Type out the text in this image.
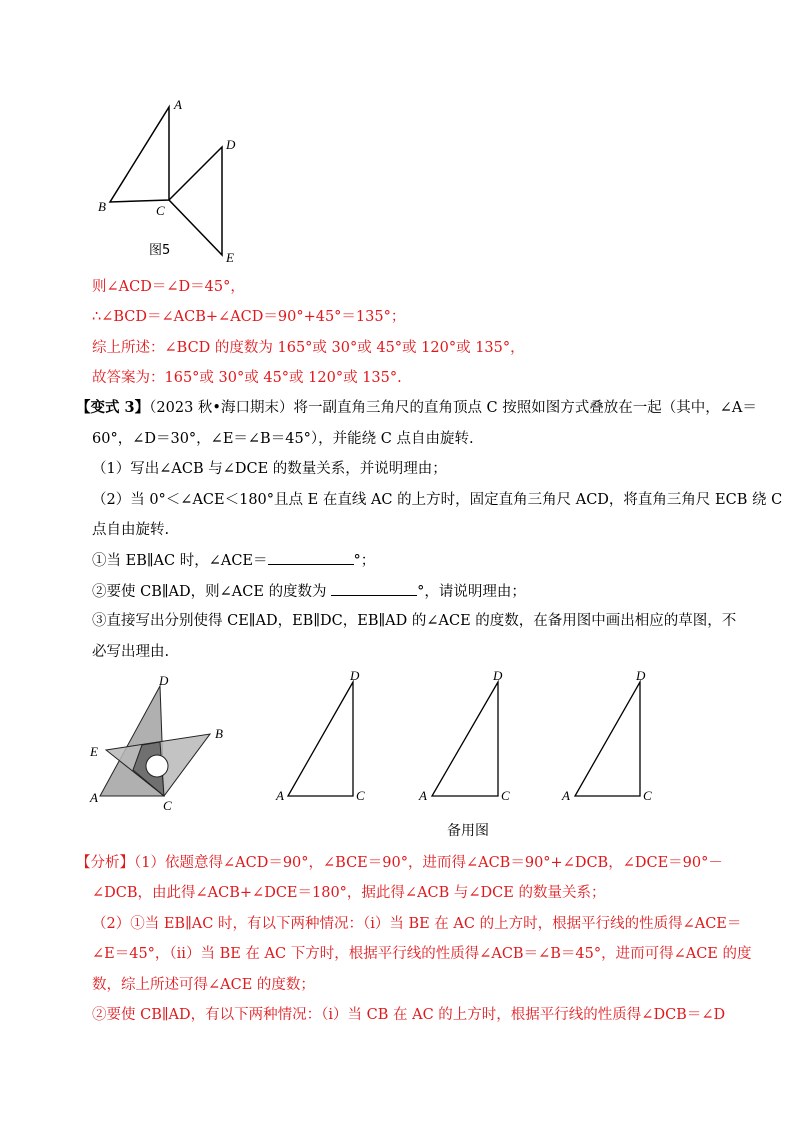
A
B	C
D
E
图5
则∠ACD＝∠D＝45°，
∴∠BCD＝∠ACB+∠ACD＝90°+45°＝135°；
综上所述：∠BCD 的度数为 165°或 30°或 45°或 120°或 135°，
故答案为：165°或 30°或 45°或 120°或 135°.
【变式 3】（2023 秋•海口期末）将一副直角三角尺的直角顶点 C 按照如图方式叠放在一起（其中，∠A＝
60°，∠D＝30°，∠E＝∠B＝45°），并能绕 C 点自由旋转.
（1）写出∠ACB 与∠DCE 的数量关系，并说明理由；
（2）当 0°＜∠ACE＜180°且点 E 在直线 AC 的上方时，固定直角三角尺 ACD，将直角三角尺 ECB 绕 C
点自由旋转.
①当 EB∥AC 时，∠ACE＝	°；
②要使 CB∥AD，则∠ACE 的度数为	°，请说明理由；
③直接写出分别使得 CE∥AD，EB∥DC，EB∥AD 的∠ACE 的度数，在备用图中画出相应的草图，不
必写出理由.
D
B
E
A
C
D
A	C
D
A	C
D
A	C
备用图
【分析】（1）依题意得∠ACD＝90°，∠BCE＝90°，进而得∠ACB＝90°+∠DCB，∠DCE＝90°－
∠DCB，由此得∠ACB+∠DCE＝180°，据此得∠ACB 与∠DCE 的数量关系；
（2）①当 EB∥AC 时，有以下两种情况：（ⅰ）当 BE 在 AC 的上方时，根据平行线的性质得∠ACE＝
∠E＝45°，（ⅱ）当 BE 在 AC 下方时，根据平行线的性质得∠ACB＝∠B＝45°，进而可得∠ACE 的度
数，综上所述可得∠ACE 的度数；
②要使 CB∥AD，有以下两种情况：（ⅰ）当 CB 在 AC 的上方时，根据平行线的性质得∠DCB＝∠D
